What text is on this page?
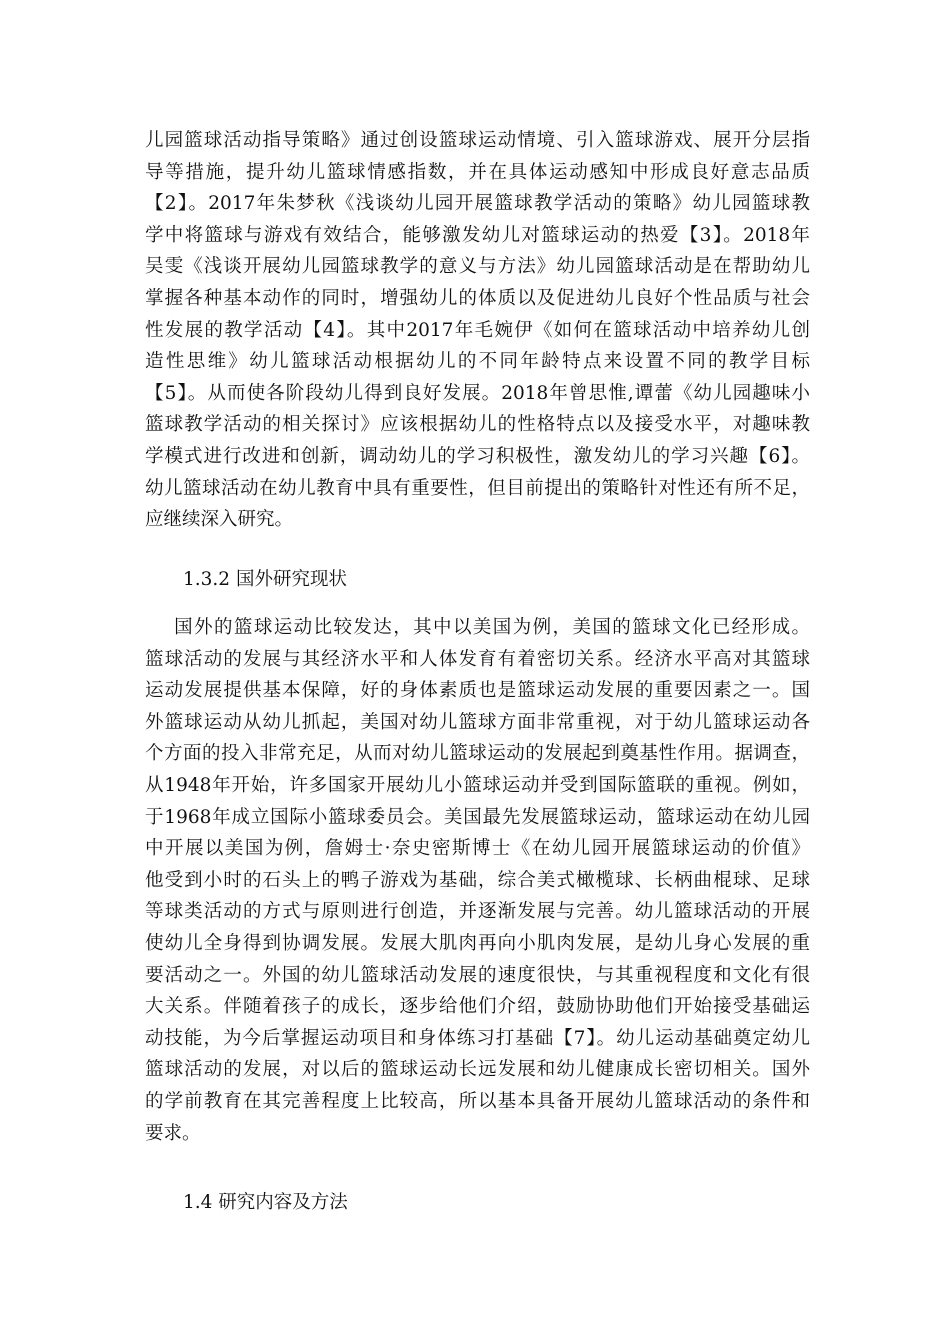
儿园篮球活动指导策略》通过创设篮球运动情境、引入篮球游戏、展开分层指
导等措施，提升幼儿篮球情感指数，并在具体运动感知中形成良好意志品质
【2】。2017年朱梦秋《浅谈幼儿园开展篮球教学活动的策略》幼儿园篮球教
学中将篮球与游戏有效结合，能够激发幼儿对篮球运动的热爱【3】。2018年
吴雯《浅谈开展幼儿园篮球教学的意义与方法》幼儿园篮球活动是在帮助幼儿
掌握各种基本动作的同时，增强幼儿的体质以及促进幼儿良好个性品质与社会
性发展的教学活动【4】。其中2017年毛婉伊《如何在篮球活动中培养幼儿创
造性思维》幼儿篮球活动根据幼儿的不同年龄特点来设置不同的教学目标
【5】。从而使各阶段幼儿得到良好发展。2018年曾思惟,谭蕾《幼儿园趣味小
篮球教学活动的相关探讨》应该根据幼儿的性格特点以及接受水平，对趣味教
学模式进行改进和创新，调动幼儿的学习积极性，激发幼儿的学习兴趣【6】。
幼儿篮球活动在幼儿教育中具有重要性，但目前提出的策略针对性还有所不足，
应继续深入研究。
1.3.2 国外研究现状
国外的篮球运动比较发达，其中以美国为例，美国的篮球文化已经形成。
篮球活动的发展与其经济水平和人体发育有着密切关系。经济水平高对其篮球
运动发展提供基本保障，好的身体素质也是篮球运动发展的重要因素之一。国
外篮球运动从幼儿抓起，美国对幼儿篮球方面非常重视，对于幼儿篮球运动各
个方面的投入非常充足，从而对幼儿篮球运动的发展起到奠基性作用。据调查，
从1948年开始，许多国家开展幼儿小篮球运动并受到国际篮联的重视。例如，
于1968年成立国际小篮球委员会。美国最先发展篮球运动，篮球运动在幼儿园
中开展以美国为例，詹姆士·奈史密斯博士《在幼儿园开展篮球运动的价值》
他受到小时的石头上的鸭子游戏为基础，综合美式橄榄球、长柄曲棍球、足球
等球类活动的方式与原则进行创造，并逐渐发展与完善。幼儿篮球活动的开展
使幼儿全身得到协调发展。发展大肌肉再向小肌肉发展，是幼儿身心发展的重
要活动之一。外国的幼儿篮球活动发展的速度很快，与其重视程度和文化有很
大关系。伴随着孩子的成长，逐步给他们介绍，鼓励协助他们开始接受基础运
动技能，为今后掌握运动项目和身体练习打基础【7】。幼儿运动基础奠定幼儿
篮球活动的发展，对以后的篮球运动长远发展和幼儿健康成长密切相关。国外
的学前教育在其完善程度上比较高，所以基本具备开展幼儿篮球活动的条件和
要求。
1.4 研究内容及方法
